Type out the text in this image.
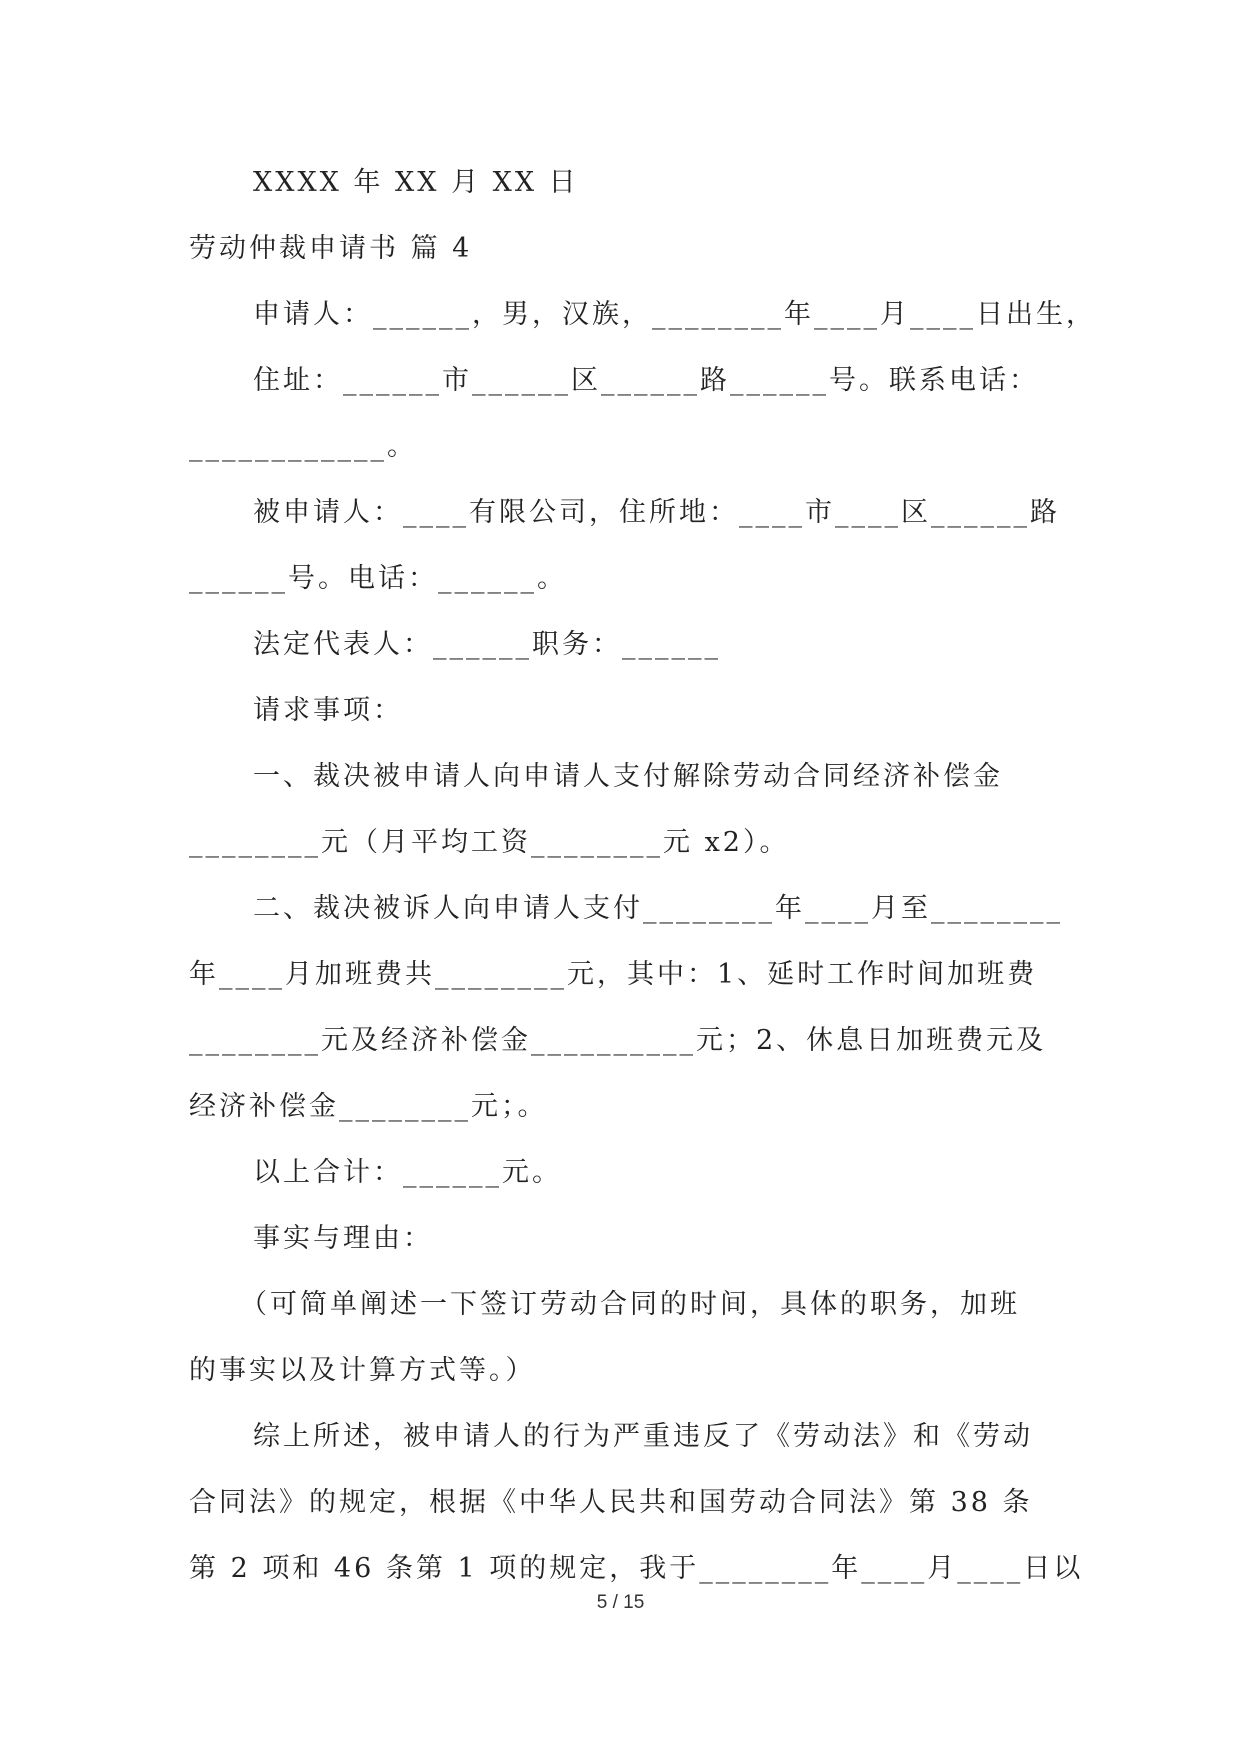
XXXX 年 XX 月 XX 日
劳动仲裁申请书 篇 4
申请人：______，男，汉族，________年____月____日出生，
住址：______市______区______路______号。联系电话：
____________。
被申请人：____有限公司，住所地：____市____区______路
______号。电话：______。
法定代表人：______职务：______
请求事项：
一、裁决被申请人向申请人支付解除劳动合同经济补偿金
________元（月平均工资________元 x2）。
二、裁决被诉人向申请人支付________年____月至________
年____月加班费共________元，其中：1、延时工作时间加班费
________元及经济补偿金__________元；2、休息日加班费元及
经济补偿金________元；。
以上合计：______元。
事实与理由：
（可简单阐述一下签订劳动合同的时间，具体的职务，加班
的事实以及计算方式等。）
综上所述，被申请人的行为严重违反了《劳动法》和《劳动
合同法》的规定，根据《中华人民共和国劳动合同法》第 38 条
第 2 项和 46 条第 1 项的规定，我于________年____月____日以
5 / 15
